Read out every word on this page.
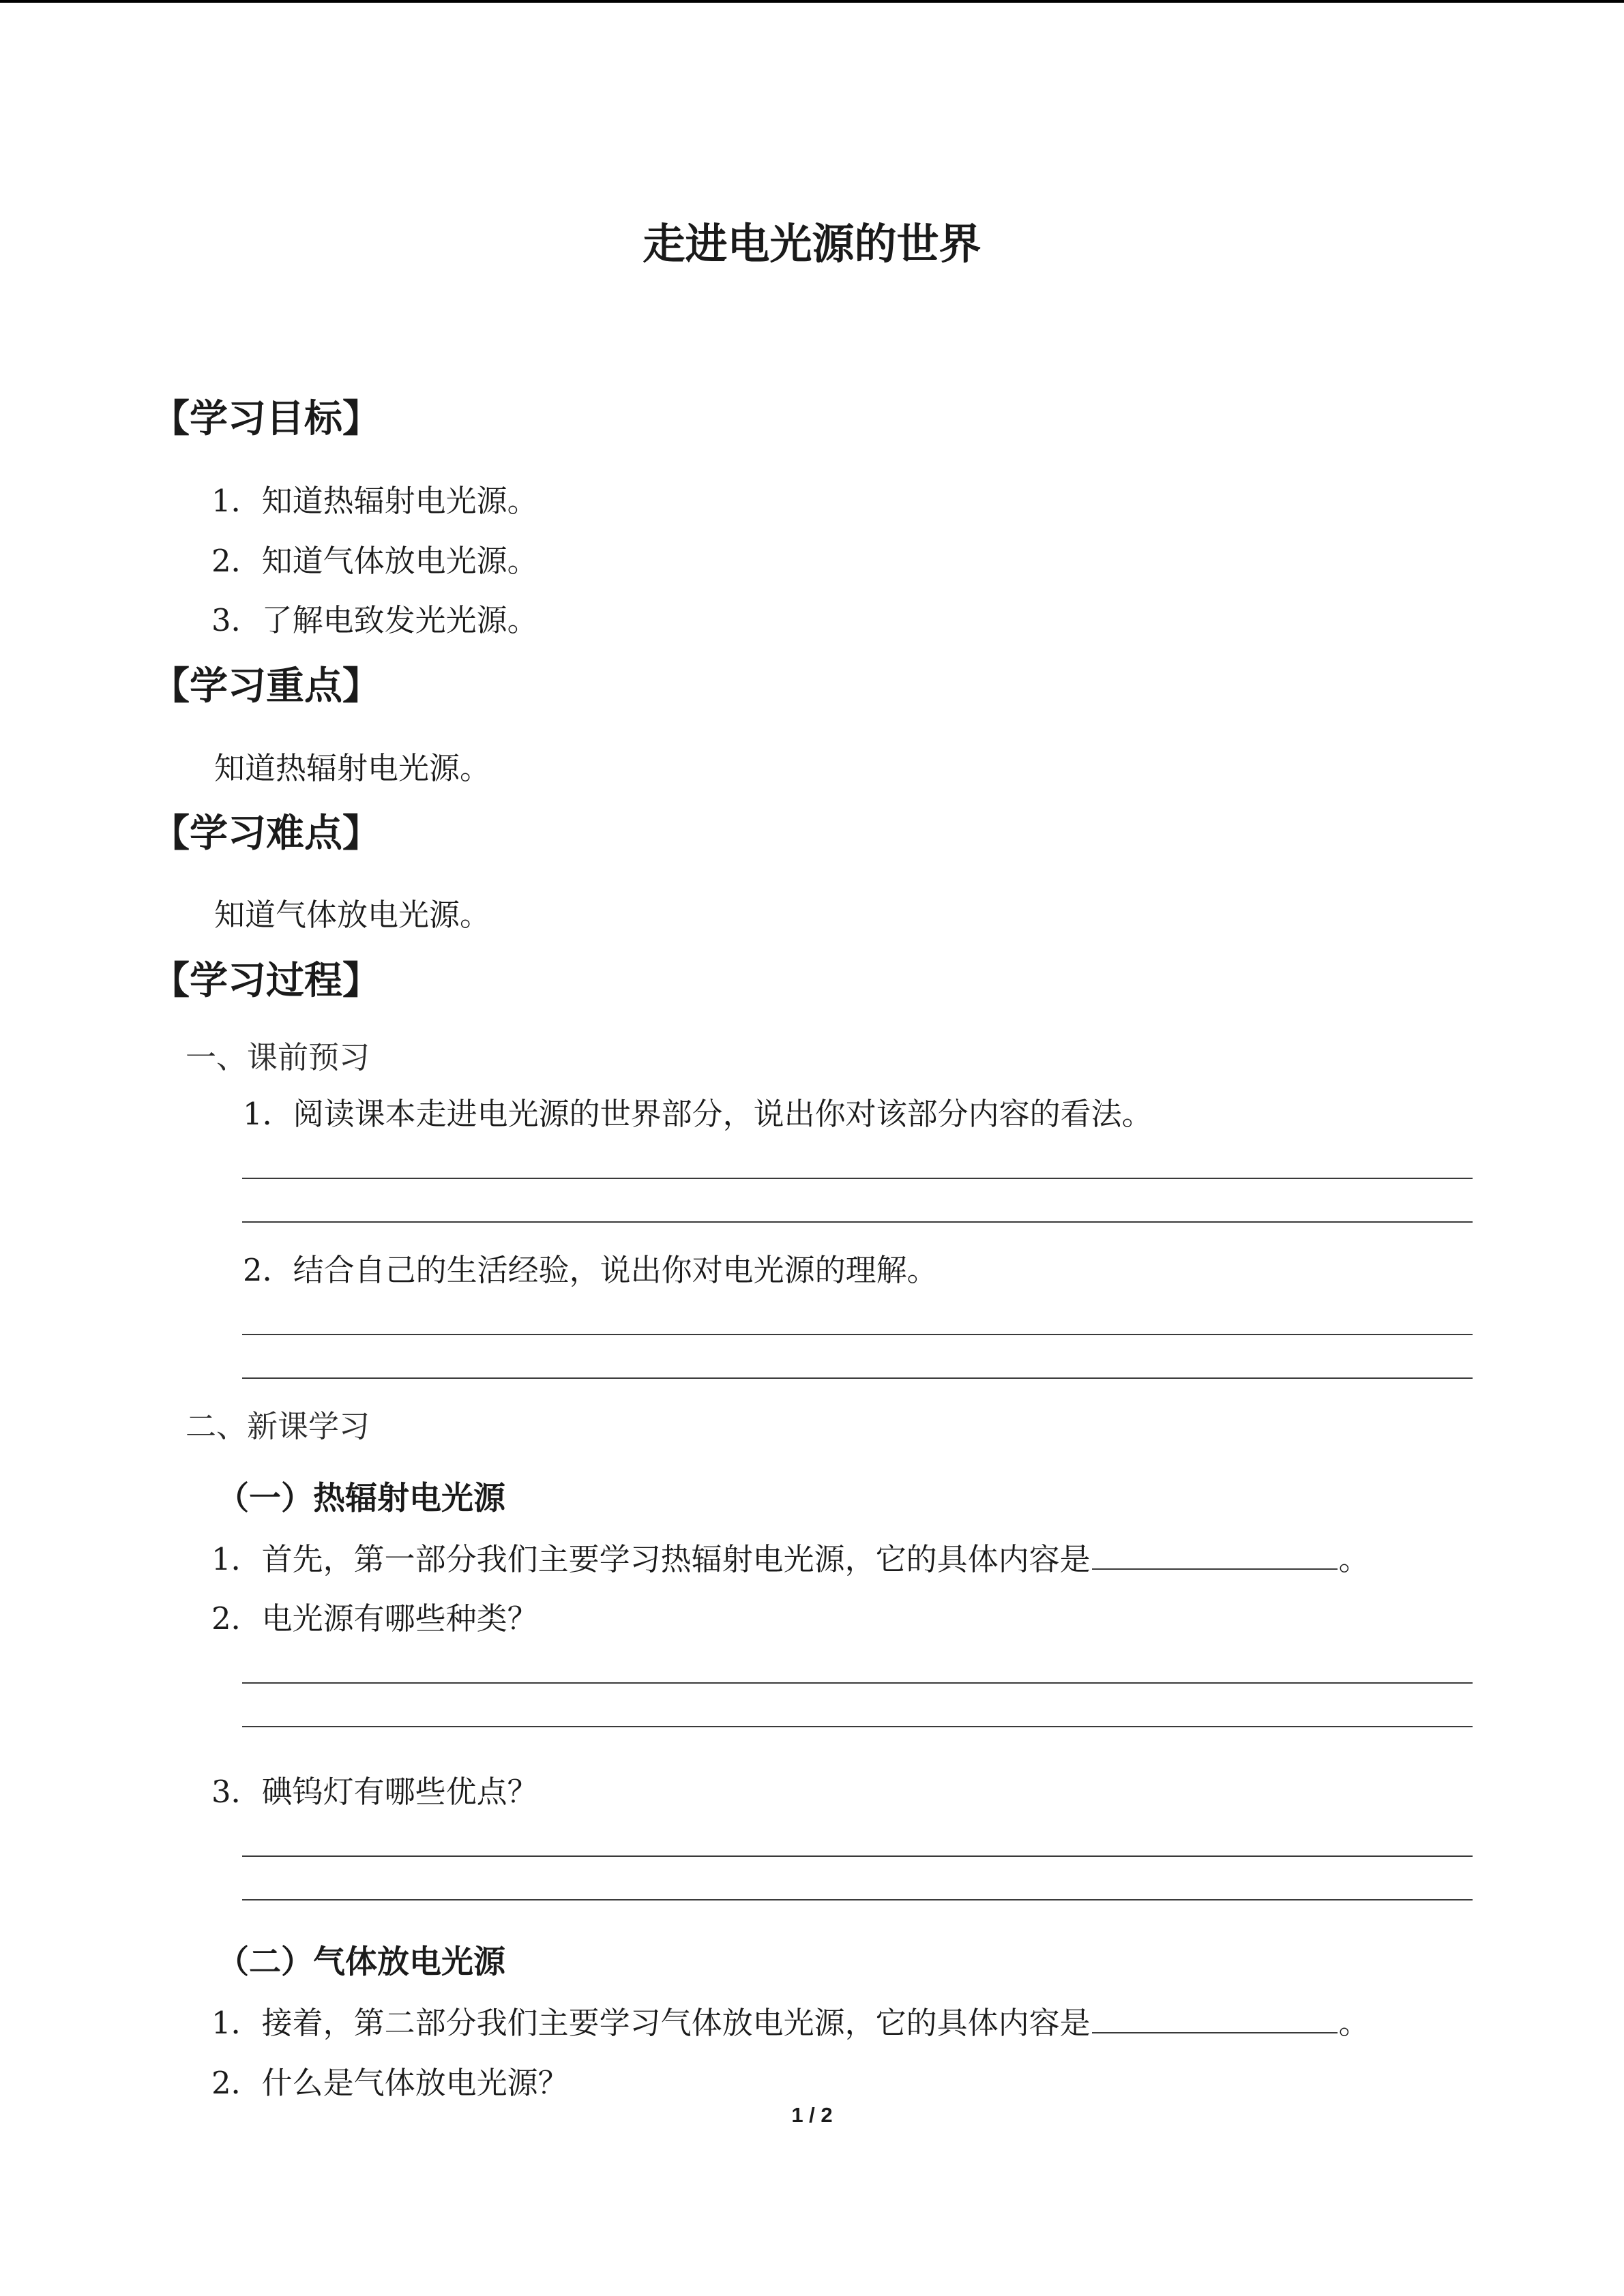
走进电光源的世界
【学习目标】
1．知道热辐射电光源。
2．知道气体放电光源。
3．了解电致发光光源。
【学习重点】
知道热辐射电光源。
【学习难点】
知道气体放电光源。
【学习过程】
一、课前预习
1．阅读课本走进电光源的世界部分，说出你对该部分内容的看法。
2．结合自己的生活经验，说出你对电光源的理解。
二、新课学习
（一）热辐射电光源
1．首先，第一部分我们主要学习热辐射电光源，它的具体内容是	。
2．电光源有哪些种类？
3．碘钨灯有哪些优点？
（二）气体放电光源
1．接着，第二部分我们主要学习气体放电光源，它的具体内容是	。
2．什么是气体放电光源？
1 / 2
